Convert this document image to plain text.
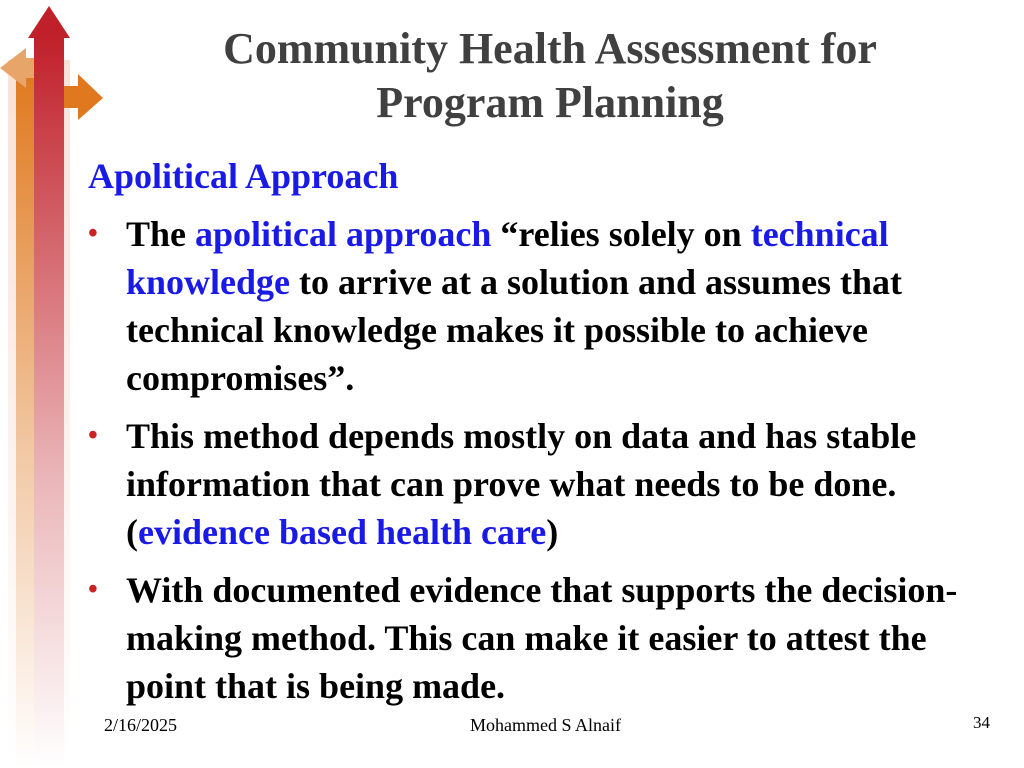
Community Health Assessment for
Program Planning
Apolitical Approach
• The apolitical approach “relies solely on technical knowledge to arrive at a solution and assumes that technical knowledge makes it possible to achieve compromises”.
• This method depends mostly on data and has stable information that can prove what needs to be done. (evidence based health care)
• With documented evidence that supports the decision-making method. This can make it easier to attest the point that is being made.
2/16/2025	Mohammed S Alnaif	34
